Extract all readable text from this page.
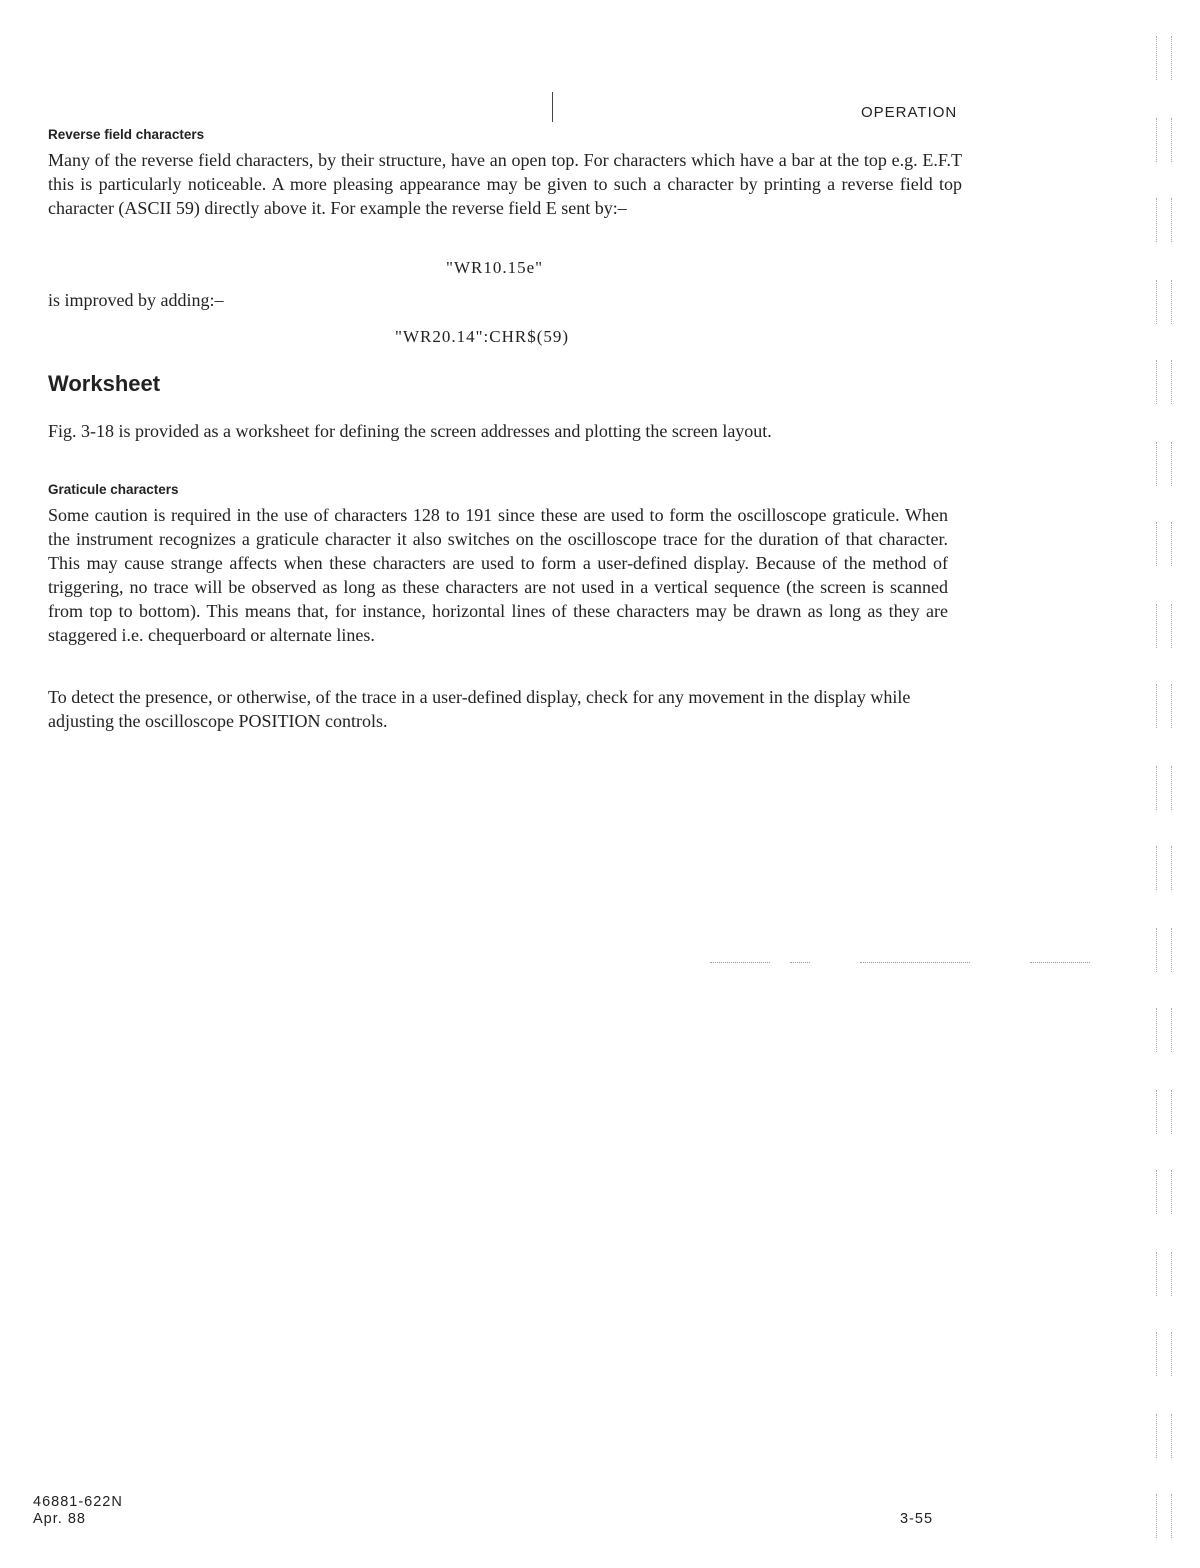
OPERATION
Reverse field characters
Many of the reverse field characters, by their structure, have an open top. For characters which have a bar at the top e.g. E.F.T this is particularly noticeable. A more pleasing appearance may be given to such a character by printing a reverse field top character (ASCII 59) directly above it. For example the reverse field E sent by:–
"WR10.15e"
is improved by adding:–
"WR20.14":CHR$(59)
Worksheet
Fig. 3-18 is provided as a worksheet for defining the screen addresses and plotting the screen layout.
Graticule characters
Some caution is required in the use of characters 128 to 191 since these are used to form the oscilloscope graticule. When the instrument recognizes a graticule character it also switches on the oscilloscope trace for the duration of that character. This may cause strange affects when these characters are used to form a user-defined display. Because of the method of triggering, no trace will be observed as long as these characters are not used in a vertical sequence (the screen is scanned from top to bottom). This means that, for instance, horizontal lines of these characters may be drawn as long as they are staggered i.e. chequerboard or alternate lines.
To detect the presence, or otherwise, of the trace in a user-defined display, check for any movement in the display while adjusting the oscilloscope POSITION controls.
46881-622N
Apr. 88	3-55
